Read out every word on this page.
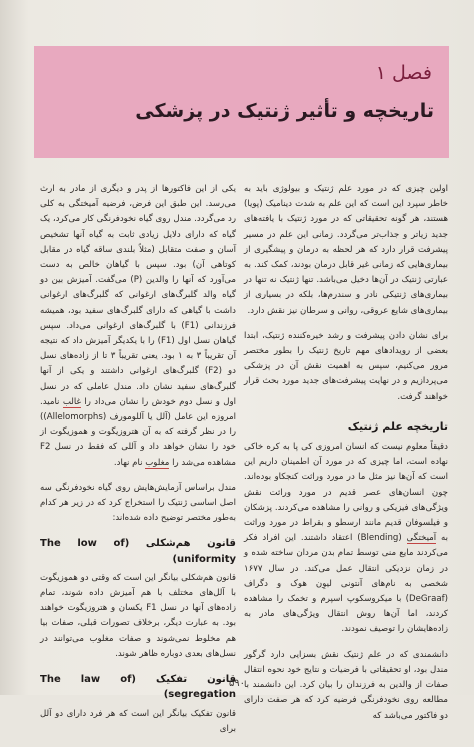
فصل ۱
تاریخچه و تأثیر ژنتیک در پزشکی

اولین چیزی که در مورد علم ژنتیک و بیولوژی باید به خاطر سپرد این است که این علم به شدت دینامیک (پویا) هستند، هر گونه تحقیقاتی که در مورد ژنتیک با یافته‌های جدید زیاتر و جذاب‌تر می‌گردد. زمانی این علم در مسیر پیشرفت قرار دارد که هر لحظه به درمان و پیشگیری از بیماری‌هایی که زمانی غیر قابل درمان بودند، کمک کند. به عبارتی ژنتیک در آن‌ها دخیل می‌باشد. تنها ژنتیک نه تنها در بیماری‌های ژنتیکی نادر و سندرم‌ها، بلکه در بسیاری از بیماری‌های شایع عروقی، روانی و سرطان نیز نقش دارد.

برای نشان دادن پیشرفت و رشد خیره‌کننده ژنتیک، ابتدا بعضی از رویدادهای مهم تاریخ ژنتیک را بطور مختصر مرور می‌کنیم، سپس به اهمیت نقش آن در پزشکی می‌پردازیم و در نهایت پیشرفت‌های جدید مورد بحث قرار خواهند گرفت.

تاریخچه علم ژنتیک

دقیقاً معلوم نیست که انسان امروزی کی پا به کره خاکی نهاده است، اما چیزی که در مورد آن اطمینان داریم این است که آن‌ها نیز مثل ما در مورد وراثت کنجکاو بوده‌اند. چون انسان‌های عصر قدیم در مورد وراثت نقش ویژگی‌های فیزیکی و روانی را مشاهده می‌کردند. پزشکان و فیلسوفان قدیم مانند ارسطو و بقراط در مورد وراثت به آمیختگی (Blending) اعتقاد داشتند. این افراد فکر می‌کردند مایع منی توسط تمام بدن مردان ساخته شده و در زمان نزدیکی انتقال عمل می‌کند. در سال ۱۶۷۷ شخصی به نام‌های آنتونی لیوِن هوک و دگراف (DeGraaf) با میکروسکوپ اسپرم و تخمک را مشاهده کردند، اما آن‌ها روش انتقال ویژگی‌های مادر به زاده‌هایشان را توصیف نمودند.

دانشمندی که در علم ژنتیک نقش بسزایی دارد گرگور مندل بود، او تحقیقاتی با فرضیات و نتایج خود نحوه انتقال صفات از والدین به فرزندان را بیان کرد. این دانشمند با مطالعه روی نخودفرنگی فرضیه کرد که هر صفت دارای دو فاکتور می‌باشد که

یکی از این فاکتورها از پدر و دیگری از مادر به ارث می‌رسد. این طبق این فرض، فرضیه آمیختگی به کلی رد می‌گردد. مندل روی گیاه نخودفرنگی کار می‌کرد، یک گیاه که دارای دلایل زیادی ثابت به گیاه آنها تشخیص آسان و صفت متقابل (مثلاً بلندی ساقه گیاه در مقابل کوتاهی آن) بود. سپس با گیاهان خالص به دست می‌آورد که آنها را والدین (P) می‌گفت. آمیزش بین دو گیاه والد گلبرگ‌های ارغوانی که گلبرگ‌های ارغوانی داشت با گیاهی که دارای گلبرگ‌های سفید بود، همیشه فرزندانی (F1) با گلبرگ‌های ارغوانی می‌داد. سپس گیاهان نسل اول (F1) را با یکدیگر آمیزش داد که نتیجه آن تقریباً ۳ به ۱ بود. یعنی تقریباً ۳ تا از زاده‌های نسل دو (F2) گلبرگ‌های ارغوانی داشتند و یکی از آنها گلبرگ‌های سفید نشان داد. مندل عاملی که در نسل اول و نسل دوم خودش را نشان می‌داد را غالب نامید. امروزه این عامل (آلل یا آللومورف (Allelomorphs)) را در نظر گرفته که به آن هتروزیگوت و هموزیگوت از خود را نشان خواهد داد و آللی که فقط در نسل F2 مشاهده می‌شد را مغلوب نام نهاد.

مندل براساس آزمایش‌هایش روی گیاه نخودفرنگی سه اصل اساسی ژنتیک را استخراج کرد که در زیر هر کدام به‌طور مختصر توضیح داده شده‌اند:

قانون هم‌شکلی (The low of uniformity)

قانون هم‌شکلی بیانگر این است که وقتی دو هموزیگوت با آلل‌های مختلف با هم آمیزش داده شوند، تمام زاده‌های آنها در نسل F1 یکسان و هتروزیگوت خواهند بود. به عبارت دیگر، برخلاف تصورات قبلی، صفات بیا هم مخلوط نمی‌شوند و صفات مغلوب می‌توانند در نسل‌های بعدی دوباره ظاهر شوند.

قانون تفکیک (The law of segregation)

قانون تفکیک بیانگر این است که هر فرد دارای دو آلل برای

۵۹٠
